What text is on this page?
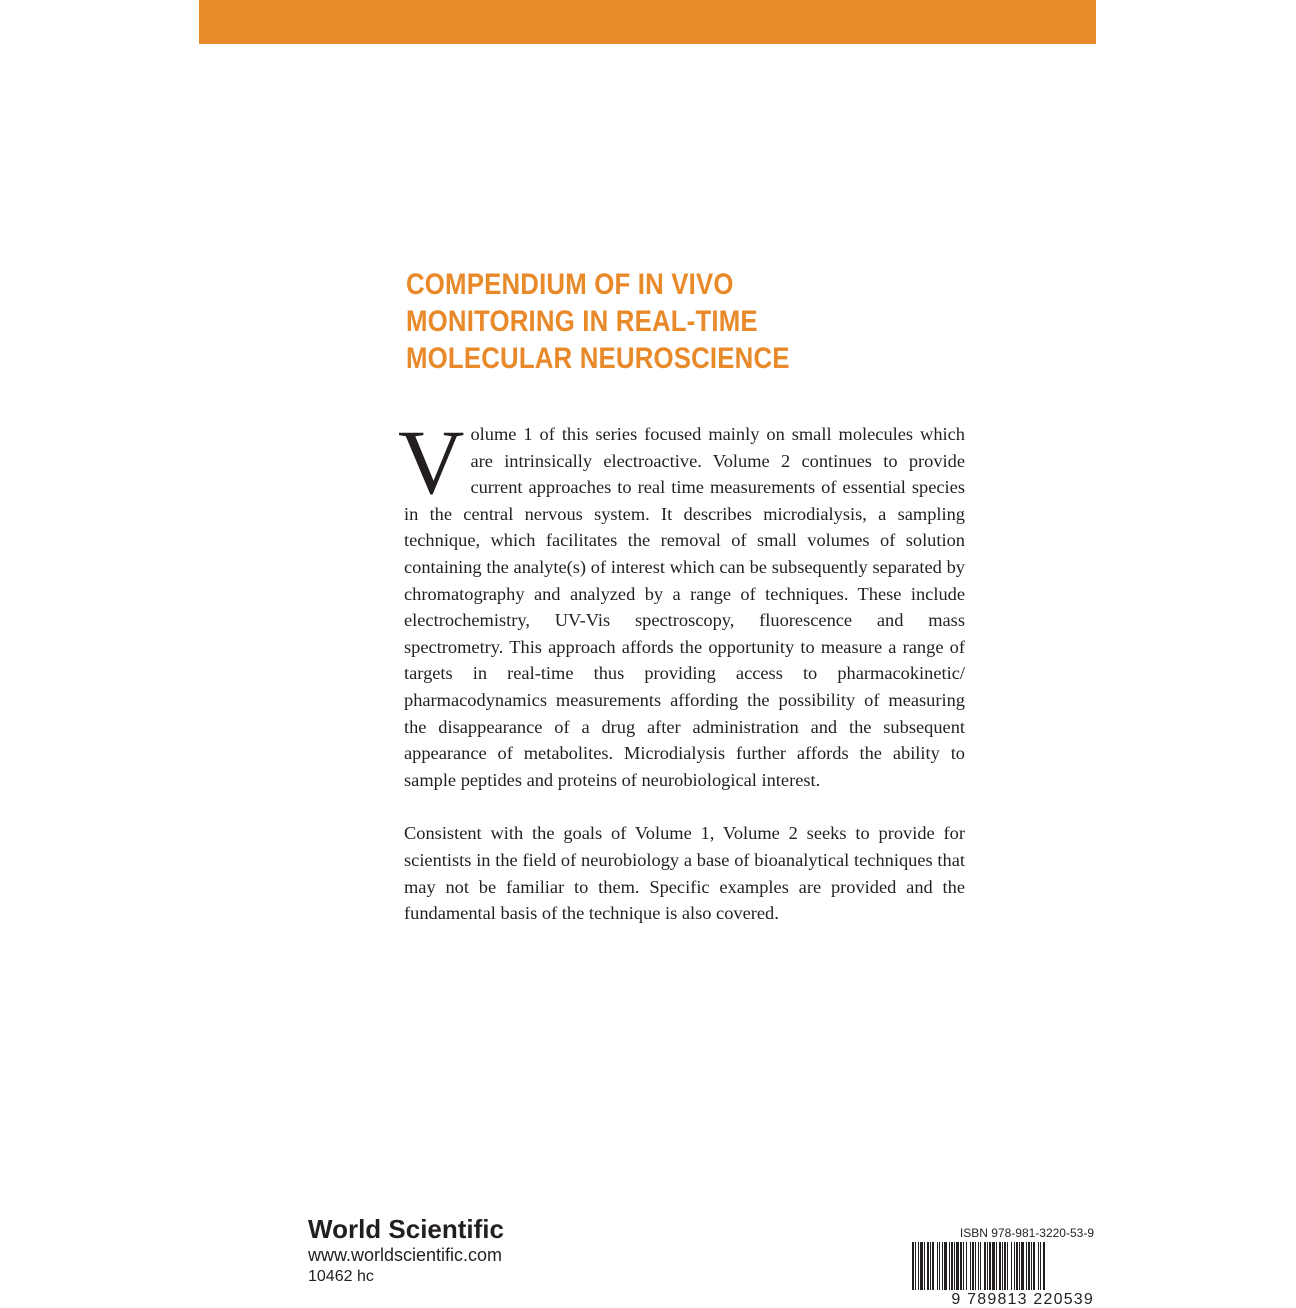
COMPENDIUM OF IN VIVO
MONITORING IN REAL-TIME
MOLECULAR NEUROSCIENCE

Volume 1 of this series focused mainly on small molecules which are intrinsically electroactive. Volume 2 continues to provide current approaches to real time measurements of essential species in the central nervous system. It describes microdialysis, a sampling technique, which facilitates the removal of small volumes of solution containing the analyte(s) of interest which can be subsequently separated by chromatography and analyzed by a range of techniques. These include electrochemistry, UV-Vis spectroscopy, fluorescence and mass spectrometry. This approach affords the opportunity to measure a range of targets in real-time thus providing access to pharmacokinetic/ pharmacodynamics measurements affording the possibility of measuring the disappearance of a drug after administration and the subsequent appearance of metabolites. Microdialysis further affords the ability to sample peptides and proteins of neurobiological interest.

Consistent with the goals of Volume 1, Volume 2 seeks to provide for scientists in the field of neurobiology a base of bioanalytical techniques that may not be familiar to them. Specific examples are provided and the fundamental basis of the technique is also covered.

World Scientific
www.worldscientific.com
10462 hc
ISBN 978-981-3220-53-9
9 789813 220539
